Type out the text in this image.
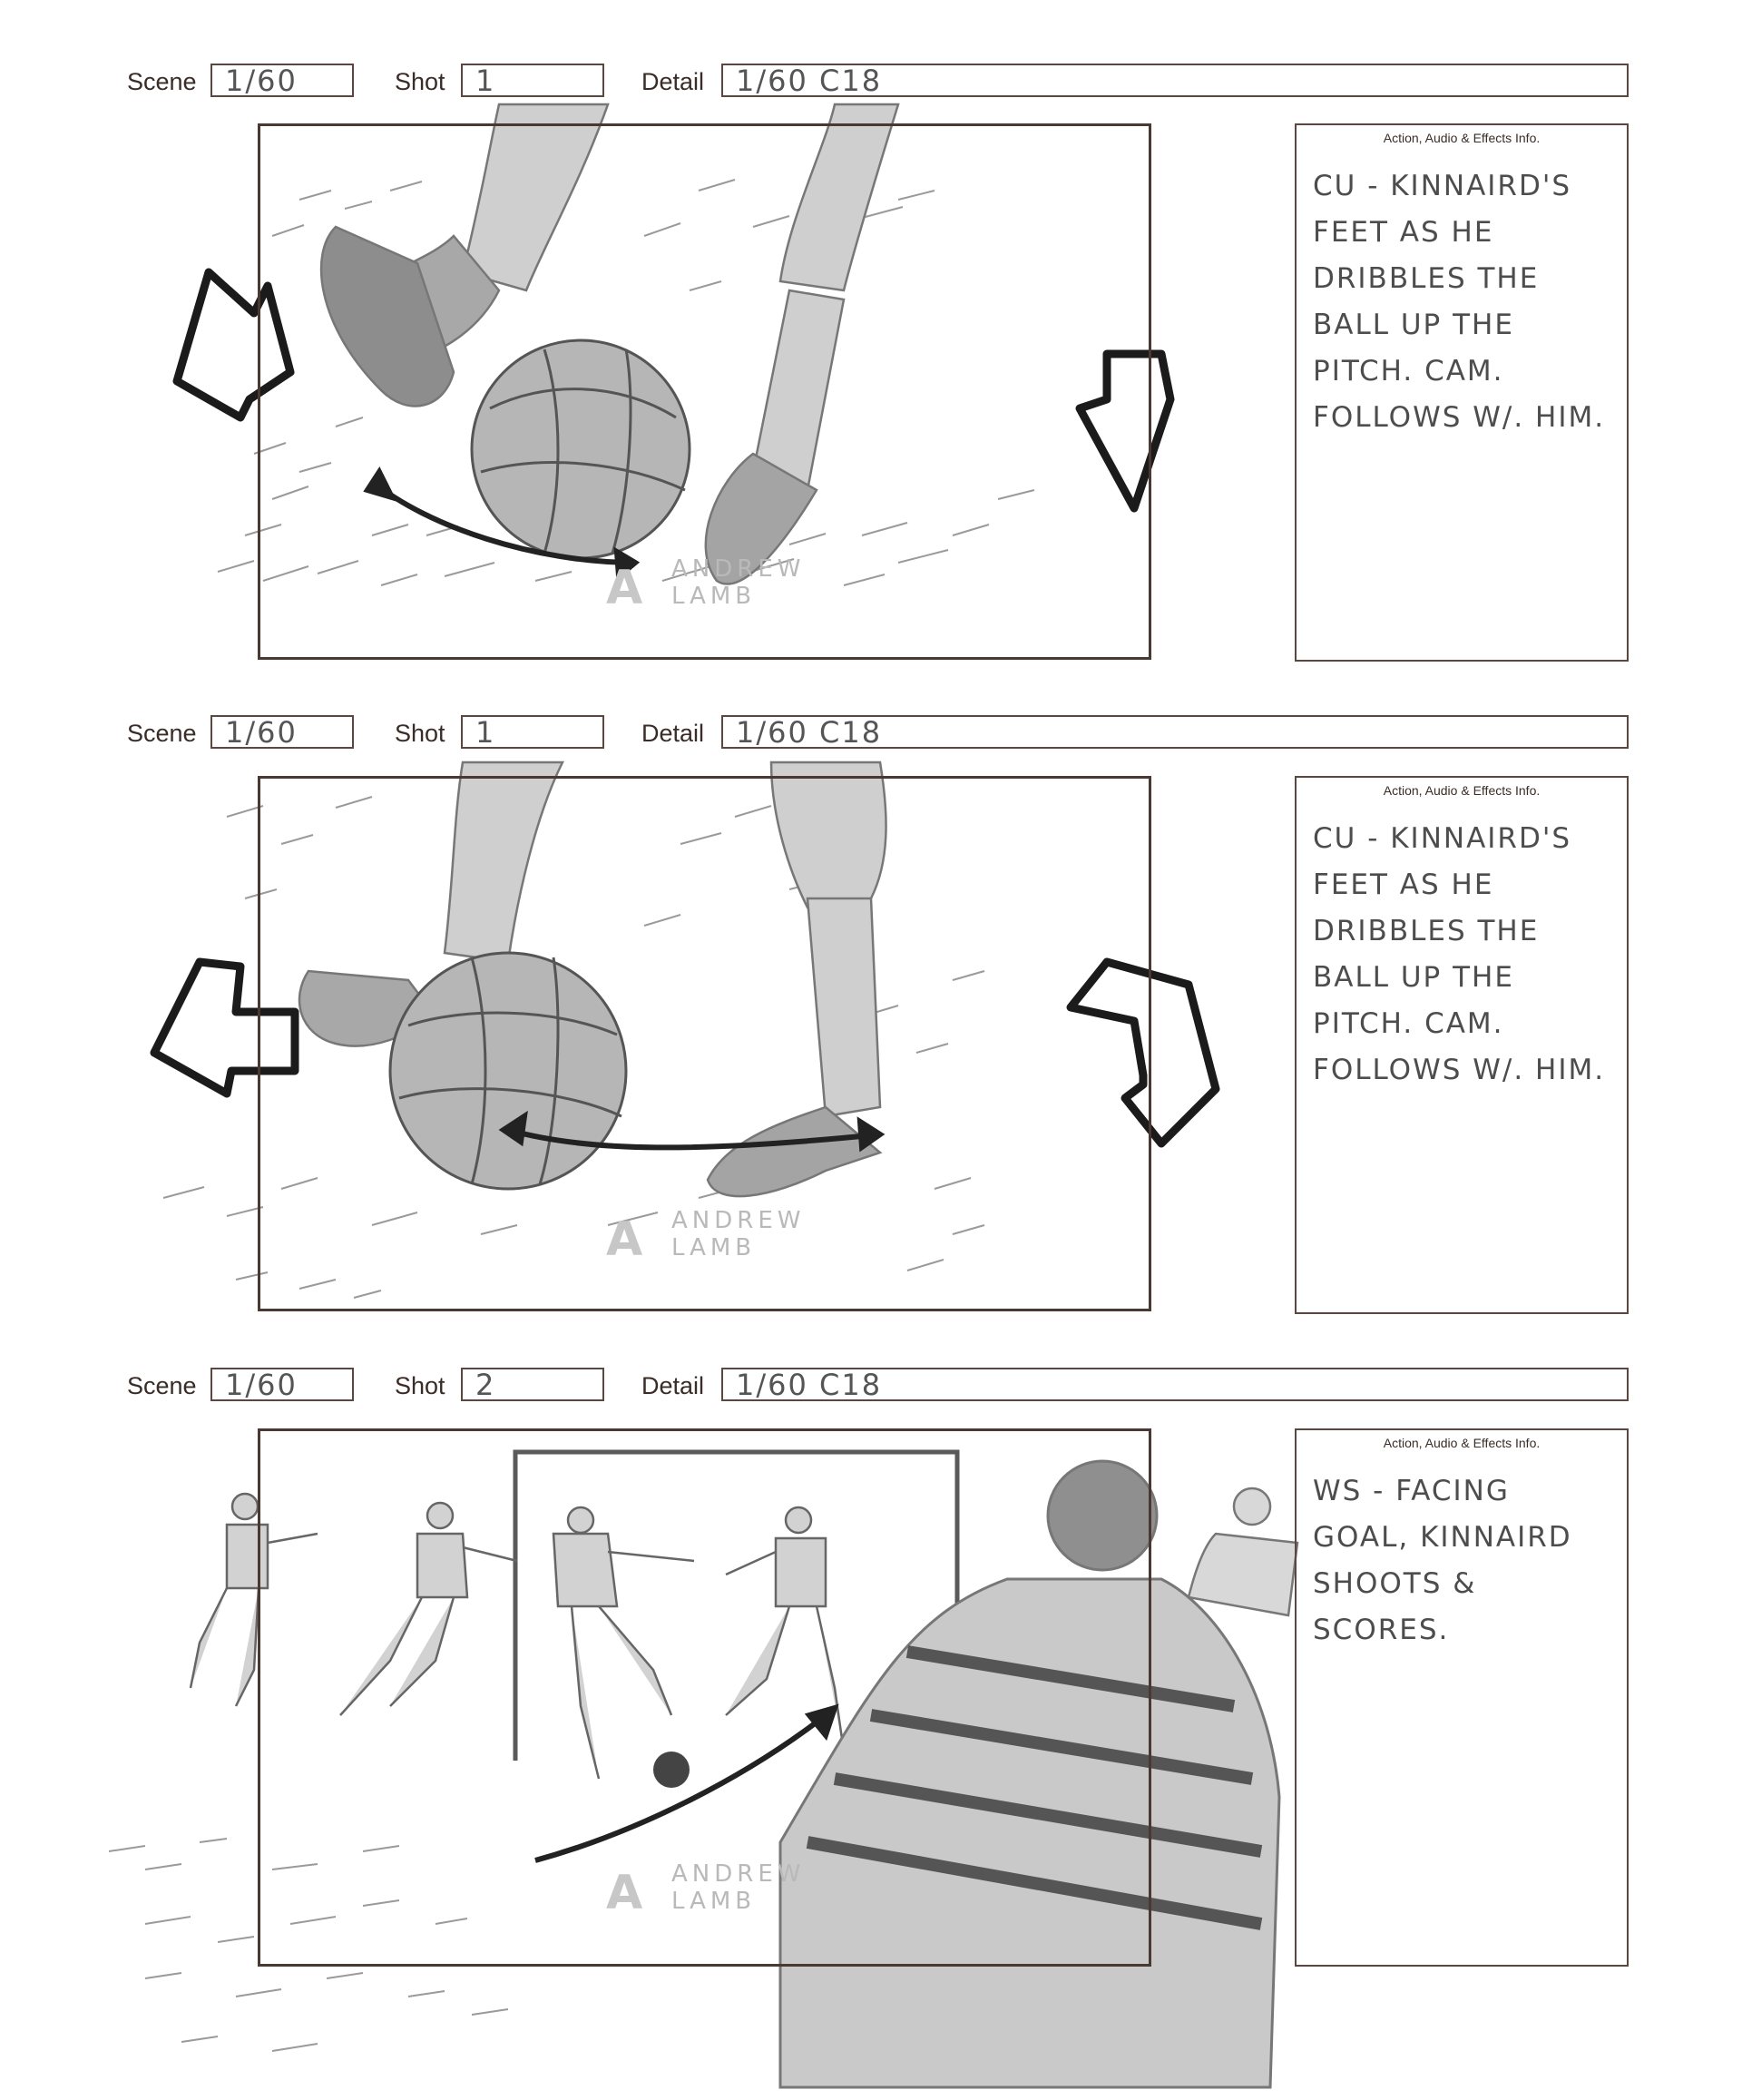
Scene 1/60	Shot	1	Detail	1/60 C18
A ANDREW
LAMB
Action, Audio & Effects Info.
CU - KINNAIRD'S
FEET AS HE
DRIBBLES THE
BALL UP THE
PITCH. CAM.
FOLLOWS W/. HIM.
Scene 1/60	Shot	1	Detail	1/60 C18
A ANDREW
LAMB
Action, Audio & Effects Info.
CU - KINNAIRD'S
FEET AS HE
DRIBBLES THE
BALL UP THE
PITCH. CAM.
FOLLOWS W/. HIM.
Scene 1/60	Shot	2	Detail	1/60 C18
A ANDREW
LAMB
Action, Audio & Effects Info.
WS - FACING
GOAL, KINNAIRD
SHOOTS & SCORES.
